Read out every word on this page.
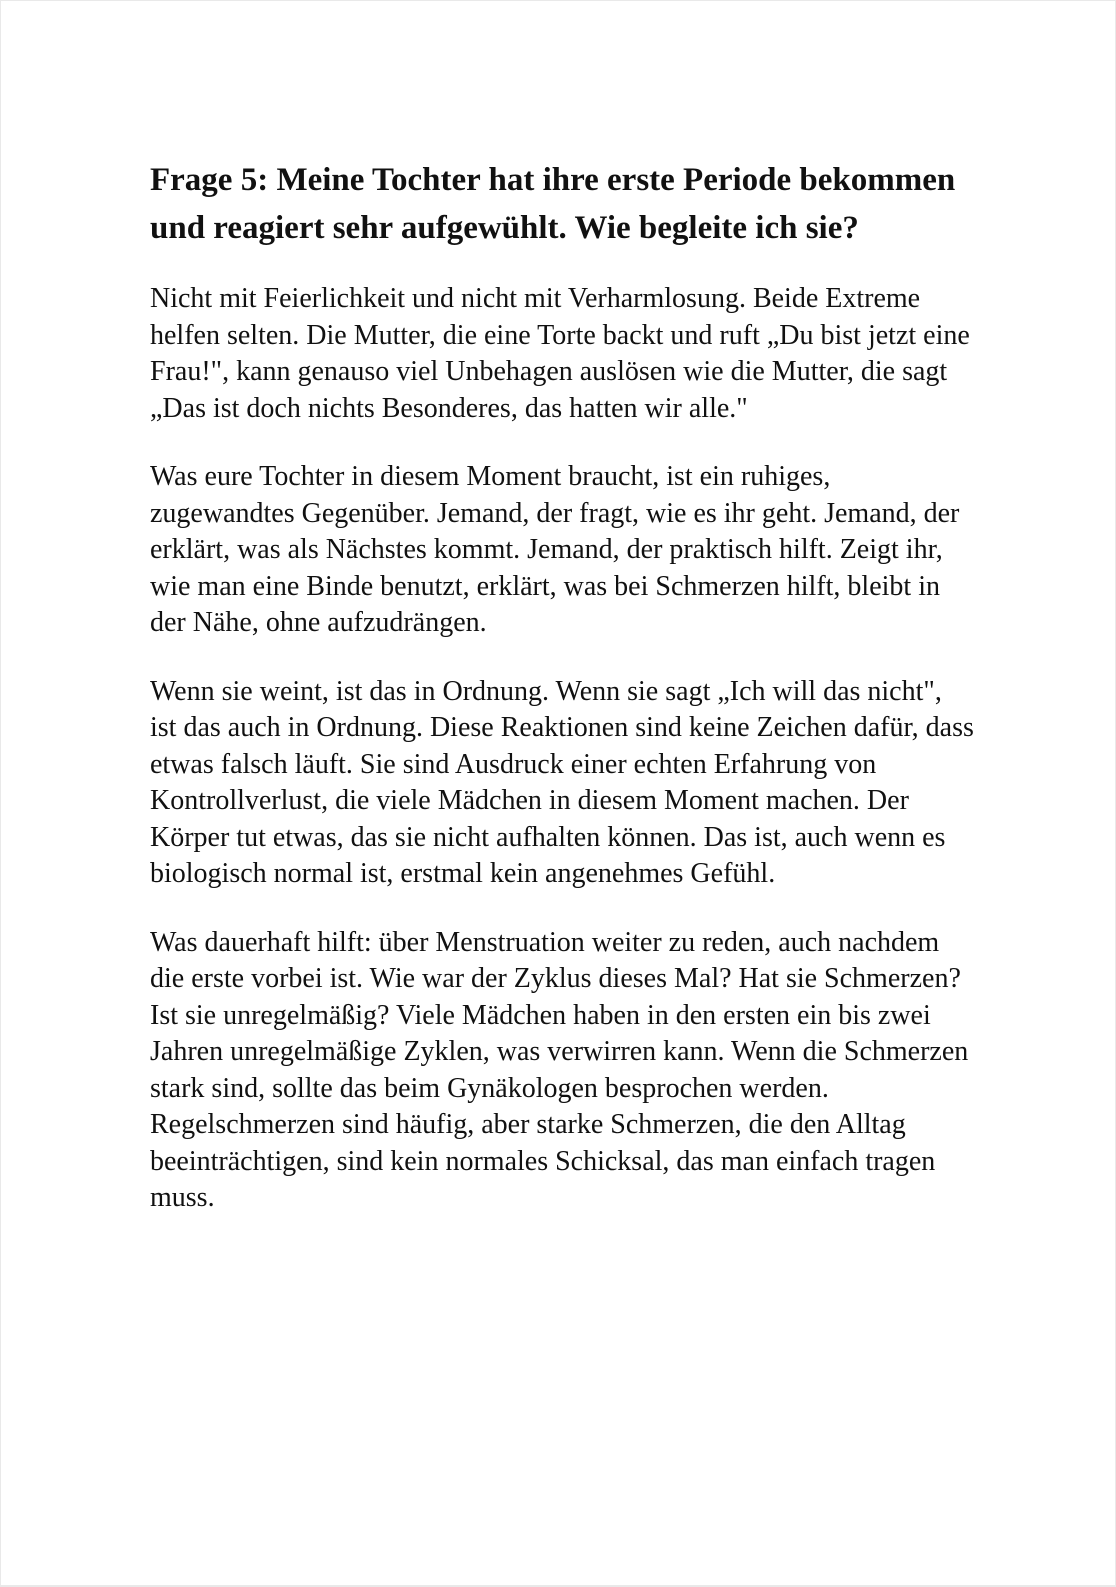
Frage 5: Meine Tochter hat ihre erste Periode bekommen und reagiert sehr aufgewühlt. Wie begleite ich sie?

Nicht mit Feierlichkeit und nicht mit Verharmlosung. Beide Extreme helfen selten. Die Mutter, die eine Torte backt und ruft „Du bist jetzt eine Frau!", kann genauso viel Unbehagen auslösen wie die Mutter, die sagt „Das ist doch nichts Besonderes, das hatten wir alle."

Was eure Tochter in diesem Moment braucht, ist ein ruhiges, zugewandtes Gegenüber. Jemand, der fragt, wie es ihr geht. Jemand, der erklärt, was als Nächstes kommt. Jemand, der praktisch hilft. Zeigt ihr, wie man eine Binde benutzt, erklärt, was bei Schmerzen hilft, bleibt in der Nähe, ohne aufzudrängen.

Wenn sie weint, ist das in Ordnung. Wenn sie sagt „Ich will das nicht", ist das auch in Ordnung. Diese Reaktionen sind keine Zeichen dafür, dass etwas falsch läuft. Sie sind Ausdruck einer echten Erfahrung von Kontrollverlust, die viele Mädchen in diesem Moment machen. Der Körper tut etwas, das sie nicht aufhalten können. Das ist, auch wenn es biologisch normal ist, erstmal kein angenehmes Gefühl.

Was dauerhaft hilft: über Menstruation weiter zu reden, auch nachdem die erste vorbei ist. Wie war der Zyklus dieses Mal? Hat sie Schmerzen? Ist sie unregelmäßig? Viele Mädchen haben in den ersten ein bis zwei Jahren unregelmäßige Zyklen, was verwirren kann. Wenn die Schmerzen stark sind, sollte das beim Gynäkologen besprochen werden. Regelschmerzen sind häufig, aber starke Schmerzen, die den Alltag beeinträchtigen, sind kein normales Schicksal, das man einfach tragen muss.
